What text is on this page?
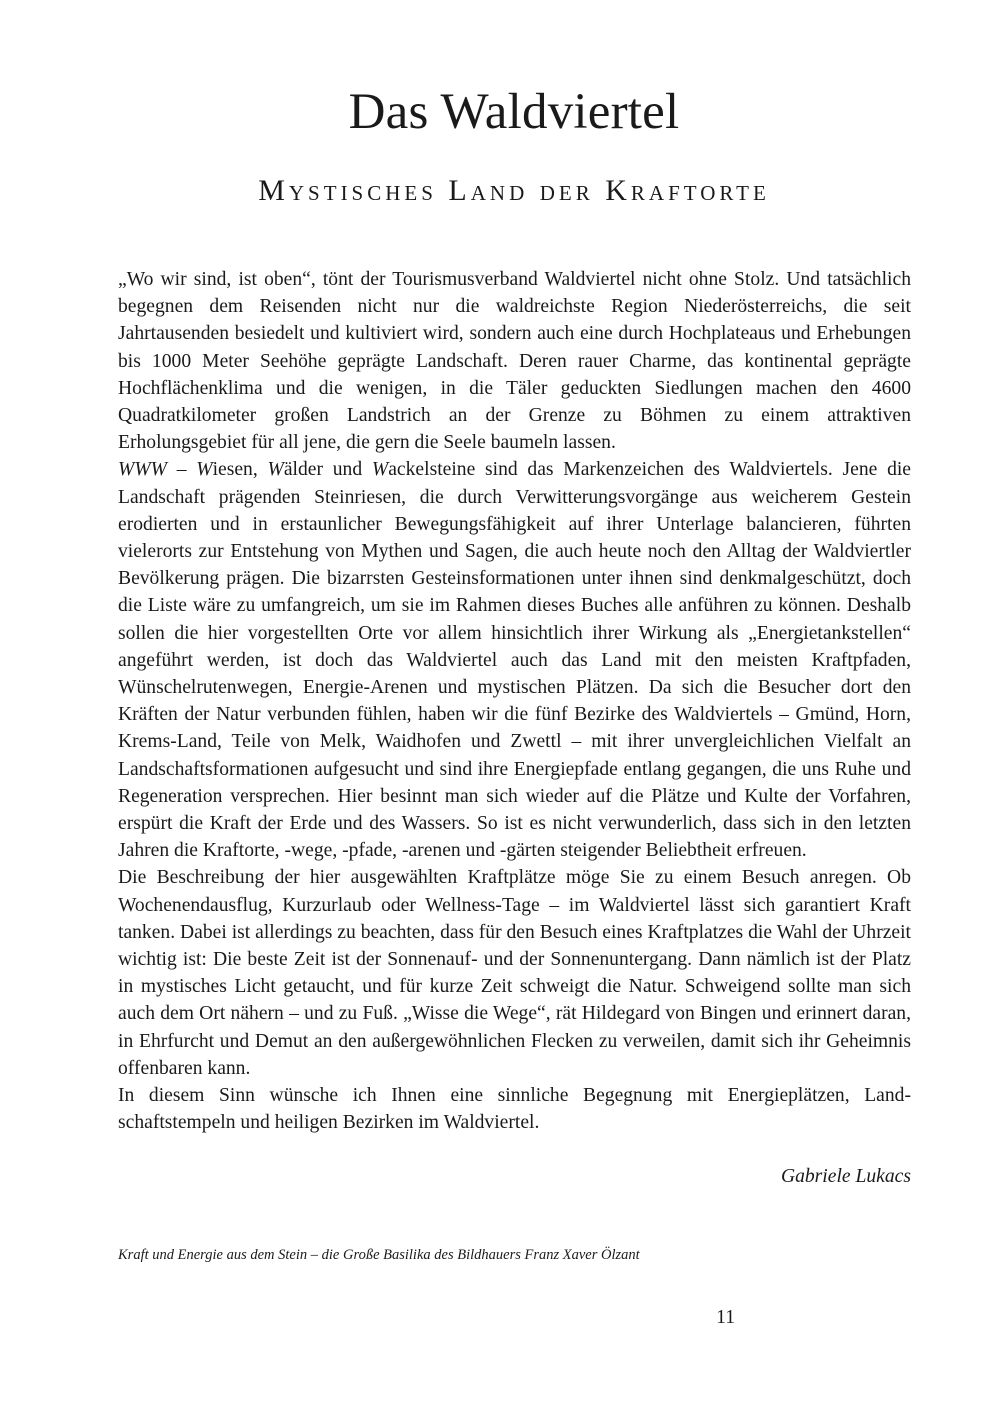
Das Waldviertel
Mystisches Land der Kraftorte

„Wo wir sind, ist oben“, tönt der Tourismusverband Waldviertel nicht ohne Stolz. Und tatsächlich begegnen dem Reisenden nicht nur die waldreichste Region Niederösterreichs, die seit Jahrtausenden besiedelt und kultiviert wird, sondern auch eine durch Hochplateaus und Erhebungen bis 1000 Meter Seehöhe geprägte Landschaft. Deren rauer Charme, das kontinental geprägte Hochflächenklima und die wenigen, in die Täler geduckten Siedlungen machen den 4600 Quadratkilometer großen Landstrich an der Grenze zu Böhmen zu einem attraktiven Erholungsgebiet für all jene, die gern die Seele baumeln lassen.

WWW – Wiesen, Wälder und Wackelsteine sind das Markenzeichen des Waldviertels. Jene die Landschaft prägenden Steinriesen, die durch Verwitterungsvorgänge aus weicherem Gestein erodierten und in erstaunlicher Bewegungsfähigkeit auf ihrer Unterlage balancieren, führten vielerorts zur Entstehung von Mythen und Sagen, die auch heute noch den Alltag der Waldviertler Bevölkerung prägen. Die bizarrsten Gesteinsformationen unter ihnen sind denkmalgeschützt, doch die Liste wäre zu umfangreich, um sie im Rahmen dieses Buches alle anführen zu können. Deshalb sollen die hier vorgestellten Orte vor allem hinsichtlich ihrer Wirkung als „Energietankstellen“ angeführt werden, ist doch das Waldviertel auch das Land mit den meisten Kraftpfaden, Wünschelrutenwegen, Energie-Arenen und mystischen Plätzen. Da sich die Besucher dort den Kräften der Natur verbunden fühlen, haben wir die fünf Bezirke des Waldviertels – Gmünd, Horn, Krems-Land, Teile von Melk, Waidhofen und Zwettl – mit ihrer unvergleichlichen Vielfalt an Landschaftsformationen aufgesucht und sind ihre Energiepfade entlang gegangen, die uns Ruhe und Regeneration versprechen. Hier besinnt man sich wieder auf die Plätze und Kulte der Vorfahren, erspürt die Kraft der Erde und des Wassers. So ist es nicht verwunderlich, dass sich in den letzten Jahren die Kraftorte, -wege, -pfade, -arenen und -gärten steigender Beliebtheit erfreuen.

Die Beschreibung der hier ausgewählten Kraftplätze möge Sie zu einem Besuch anregen. Ob Wochenendausflug, Kurzurlaub oder Wellness-Tage – im Waldviertel lässt sich garantiert Kraft tanken. Dabei ist allerdings zu beachten, dass für den Besuch eines Kraftplatzes die Wahl der Uhrzeit wichtig ist: Die beste Zeit ist der Sonnenauf- und der Sonnenuntergang. Dann nämlich ist der Platz in mystisches Licht getaucht, und für kurze Zeit schweigt die Natur. Schweigend sollte man sich auch dem Ort nähern – und zu Fuß. „Wisse die Wege“, rät Hildegard von Bingen und erinnert daran, in Ehrfurcht und Demut an den außergewöhnlichen Flecken zu verweilen, damit sich ihr Geheimnis offenbaren kann.

In diesem Sinn wünsche ich Ihnen eine sinnliche Begegnung mit Energieplätzen, Landschaftstempeln und heiligen Bezirken im Waldviertel.

Gabriele Lukacs
Kraft und Energie aus dem Stein – die Große Basilika des Bildhauers Franz Xaver Ölzant
11
